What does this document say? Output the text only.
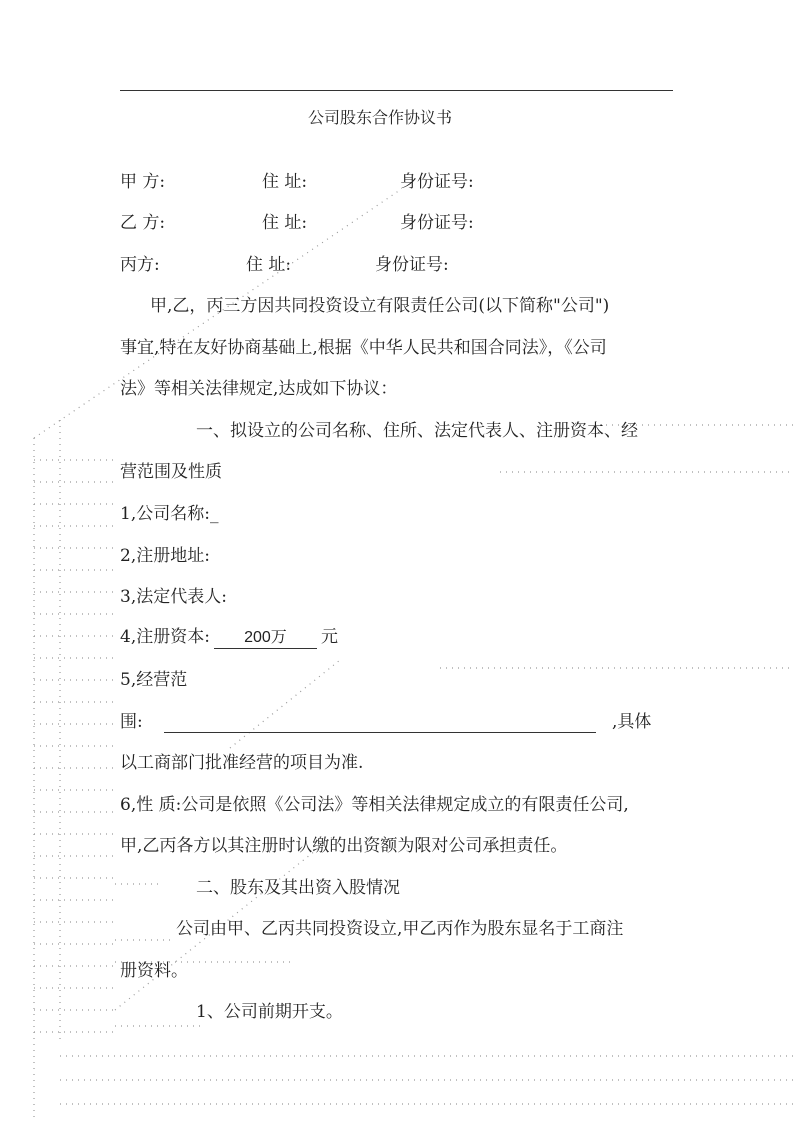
公司股东合作协议书
甲 方:	住 址:	身份证号:
乙 方:	住 址:	身份证号:
丙方:	住 址:	身份证号:
甲,乙，丙三方因共同投资设立有限责任公司(以下简称"公司")
事宜,特在友好协商基础上,根据《中华人民共和国合同法》，《公司
法》等相关法律规定,达成如下协议：
一、拟设立的公司名称、住所、法定代表人、注册资本、经
营范围及性质
1,公司名称:_
2,注册地址:
3,法定代表人:
4,注册资本: 200万 元
5,经营范
围:	,具体
以工商部门批准经营的项目为准.
6,性 质:公司是依照《公司法》等相关法律规定成立的有限责任公司,
甲,乙丙各方以其注册时认缴的出资额为限对公司承担责任。
二、股东及其出资入股情况
公司由甲、乙丙共同投资设立,甲乙丙作为股东显名于工商注
册资料。
1、公司前期开支。
